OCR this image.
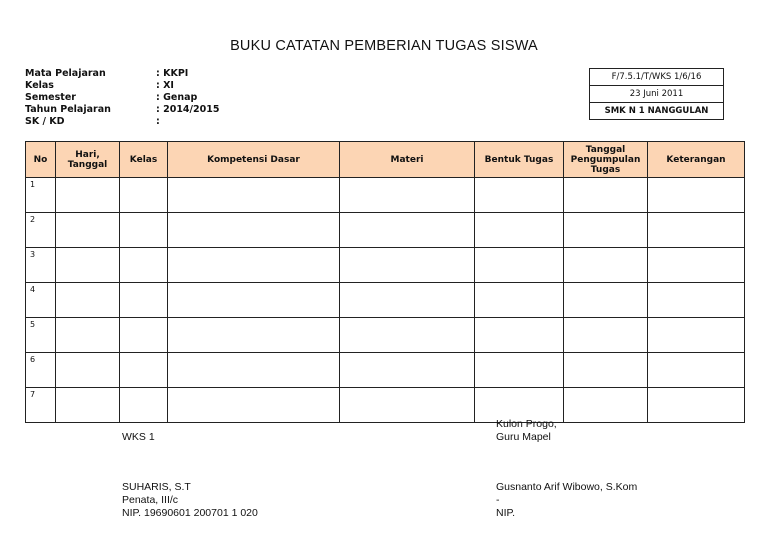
BUKU CATATAN PEMBERIAN TUGAS SISWA
Mata Pelajaran	: KKPI
Kelas	: XI
Semester	: Genap
Tahun Pelajaran	: 2014/2015
SK / KD	:
F/7.5.1/T/WKS 1/6/16
23 Juni 2011
SMK N 1 NANGGULAN
No	Hari, Tanggal	Kelas	Kompetensi Dasar	Materi	Bentuk Tugas	Tanggal Pengumpulan Tugas	Keterangan
1							
2							
3							
4							
5							
6							
7							
WKS 1
SUHARIS, S.T
Penata, III/c
NIP. 19690601 200701 1 020
Kulon Progo,
Guru Mapel
Gusnanto Arif Wibowo, S.Kom
-
NIP.
